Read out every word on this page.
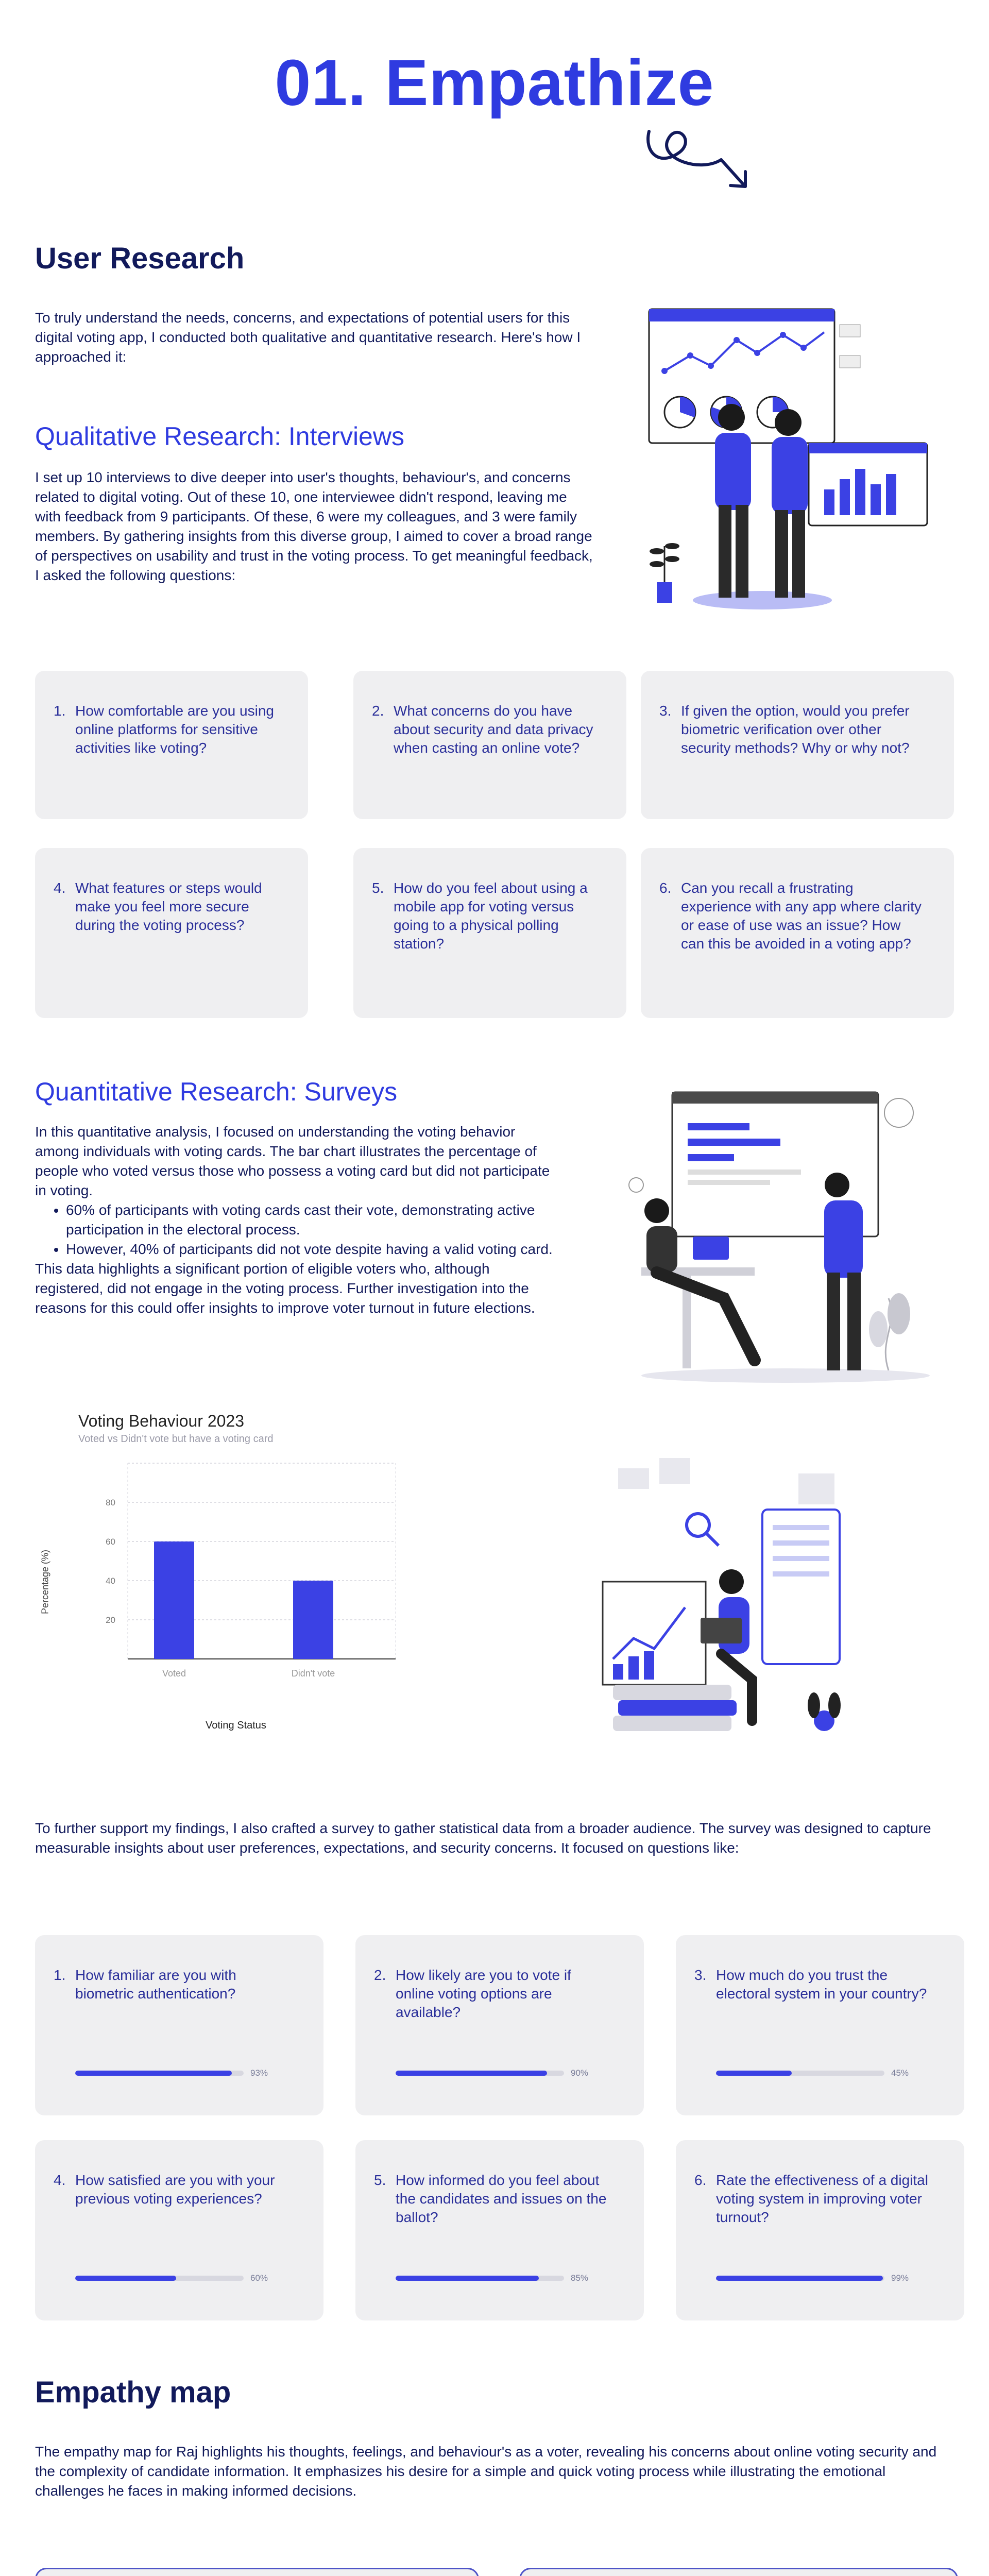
01. Empathize
User Research
To truly understand the needs, concerns, and expectations of potential users for this digital voting app, I conducted both qualitative and quantitative research. Here's how I approached it:
Qualitative Research: Interviews
I set up 10 interviews to dive deeper into user's thoughts, behaviour's, and concerns related to digital voting. Out of these 10, one interviewee didn't respond, leaving me with feedback from 9 participants. Of these, 6 were my colleagues, and 3 were family members. By gathering insights from this diverse group, I aimed to cover a broad range of perspectives on usability and trust in the voting process. To get meaningful feedback, I asked the following questions:
1. How comfortable are you using online platforms for sensitive activities like voting?
2. What concerns do you have about security and data privacy when casting an online vote?
3. If given the option, would you prefer biometric verification over other security methods? Why or why not?
4. What features or steps would make you feel more secure during the voting process?
5. How do you feel about using a mobile app for voting versus going to a physical polling station?
6. Can you recall a frustrating experience with any app where clarity or ease of use was an issue? How can this be avoided in a voting app?
Quantitative Research: Surveys
In this quantitative analysis, I focused on understanding the voting behavior among individuals with voting cards. The bar chart illustrates the percentage of people who voted versus those who possess a voting card but did not participate in voting.
• 60% of participants with voting cards cast their vote, demonstrating active participation in the electoral process.
• However, 40% of participants did not vote despite having a valid voting card.
This data highlights a significant portion of eligible voters who, although registered, did not engage in the voting process. Further investigation into the reasons for this could offer insights to improve voter turnout in future elections.
Voting Behaviour 2023
Voted vs Didn't vote but have a voting card
20
40
60
80
Voted	Didn't vote
Percentage (%)
Voting Status
To further support my findings, I also crafted a survey to gather statistical data from a broader audience. The survey was designed to capture measurable insights about user preferences, expectations, and security concerns. It focused on questions like:
1. How familiar are you with biometric authentication?
93%
2. How likely are you to vote if online voting options are available?
90%
3. How much do you trust the electoral system in your country?
45%
4. How satisfied are you with your previous voting experiences?
60%
5. How informed do you feel about the candidates and issues on the ballot?
85%
6. Rate the effectiveness of a digital voting system in improving voter turnout?
99%
Empathy map
The empathy map for Raj highlights his thoughts, feelings, and behaviour's as a voter, revealing his concerns about online voting security and the complexity of candidate information. It emphasizes his desire for a simple and quick voting process while illustrating the emotional challenges he faces in making informed decisions.
